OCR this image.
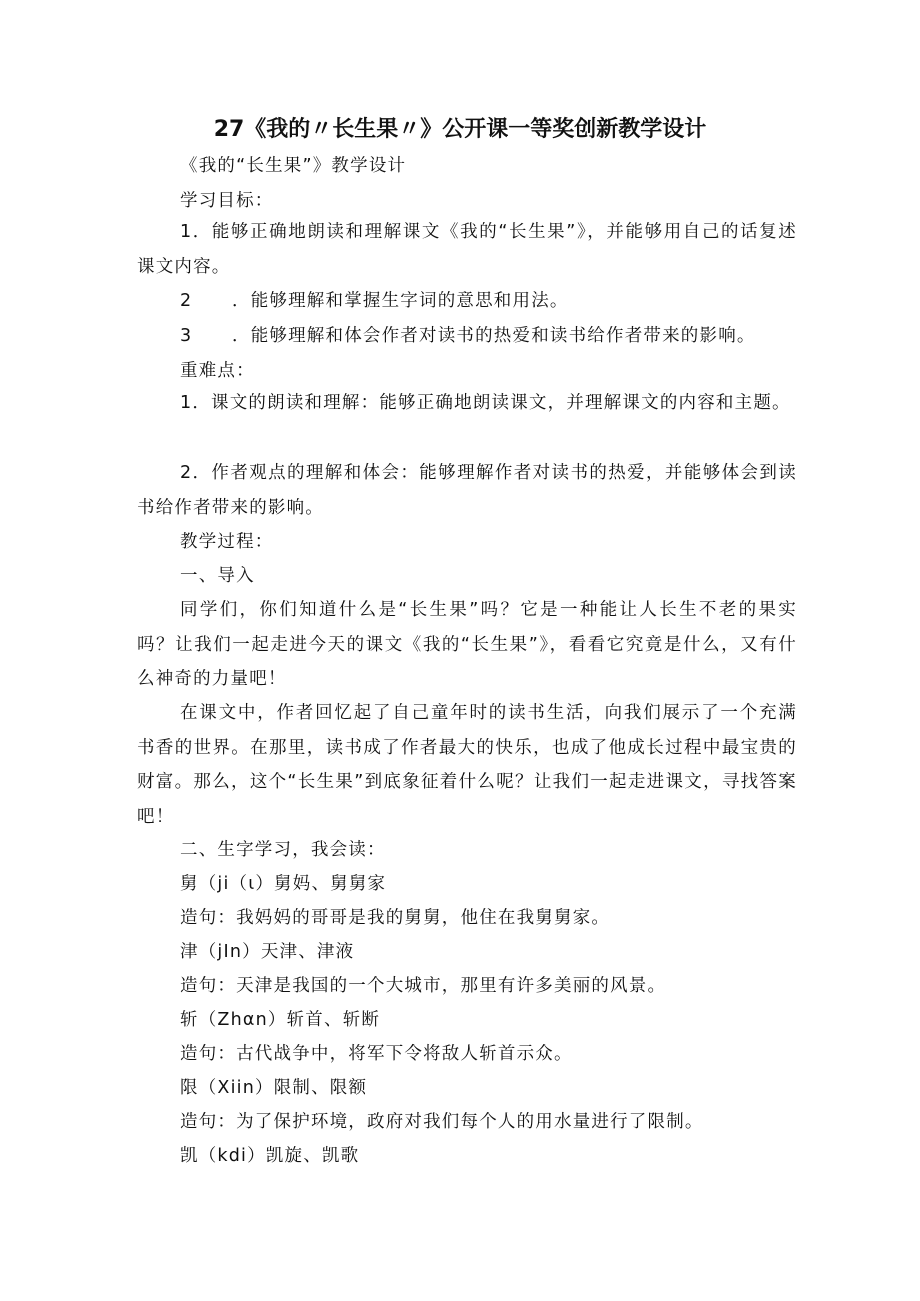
27《我的〃长生果〃》公开课一等奖创新教学设计
《我的“长生果”》教学设计
学习目标：
1．能够正确地朗读和理解课文《我的“长生果”》，并能够用自己的话复述课文内容。
2 ．能够理解和掌握生字词的意思和用法。
3 ．能够理解和体会作者对读书的热爱和读书给作者带来的影响。
重难点：
1．课文的朗读和理解：能够正确地朗读课文，并理解课文的内容和主题。
2．作者观点的理解和体会：能够理解作者对读书的热爱，并能够体会到读书给作者带来的影响。
教学过程：
一、导入
同学们，你们知道什么是“长生果”吗？它是一种能让人长生不老的果实吗？让我们一起走进今天的课文《我的“长生果”》，看看它究竟是什么，又有什么神奇的力量吧！
在课文中，作者回忆起了自己童年时的读书生活，向我们展示了一个充满书香的世界。在那里，读书成了作者最大的快乐，也成了他成长过程中最宝贵的财富。那么，这个“长生果”到底象征着什么呢？让我们一起走进课文，寻找答案吧！
二、生字学习，我会读：
舅（ji（ι）舅妈、舅舅家
造句：我妈妈的哥哥是我的舅舅，他住在我舅舅家。
津（jIn）天津、津液
造句：天津是我国的一个大城市，那里有许多美丽的风景。
斩（Zhαn）斩首、斩断
造句：古代战争中，将军下令将敌人斩首示众。
限（Xiin）限制、限额
造句：为了保护环境，政府对我们每个人的用水量进行了限制。
凯（kdi）凯旋、凯歌
